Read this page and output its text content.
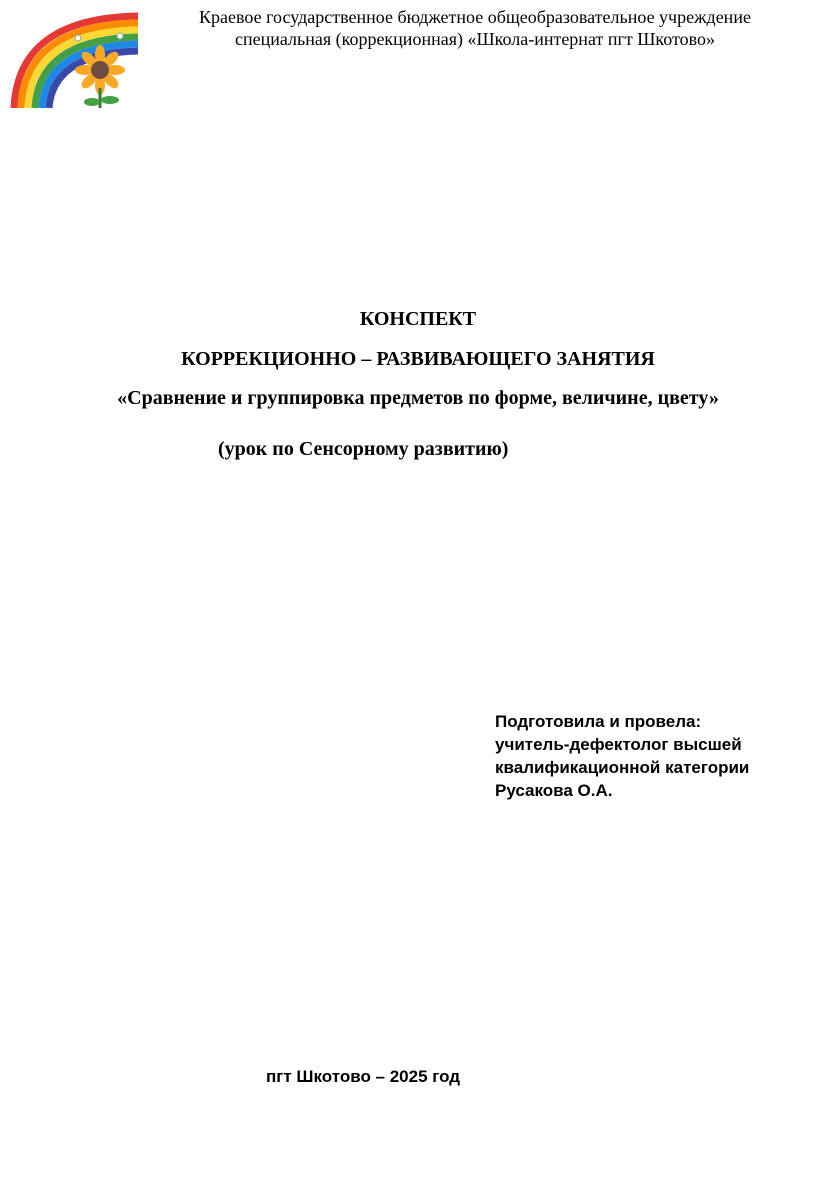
Краевое государственное бюджетное общеобразовательное учреждение
специальная (коррекционная) «Школа-интернат пгт Шкотово»
КОНСПЕКТ
КОРРЕКЦИОННО – РАЗВИВАЮЩЕГО ЗАНЯТИЯ
«Сравнение и группировка предметов по форме, величине, цвету»
(урок по Сенсорному развитию)
Подготовила и провела:
учитель-дефектолог высшей
квалификационной категории
Русакова О.А.
пгт Шкотово – 2025 год
